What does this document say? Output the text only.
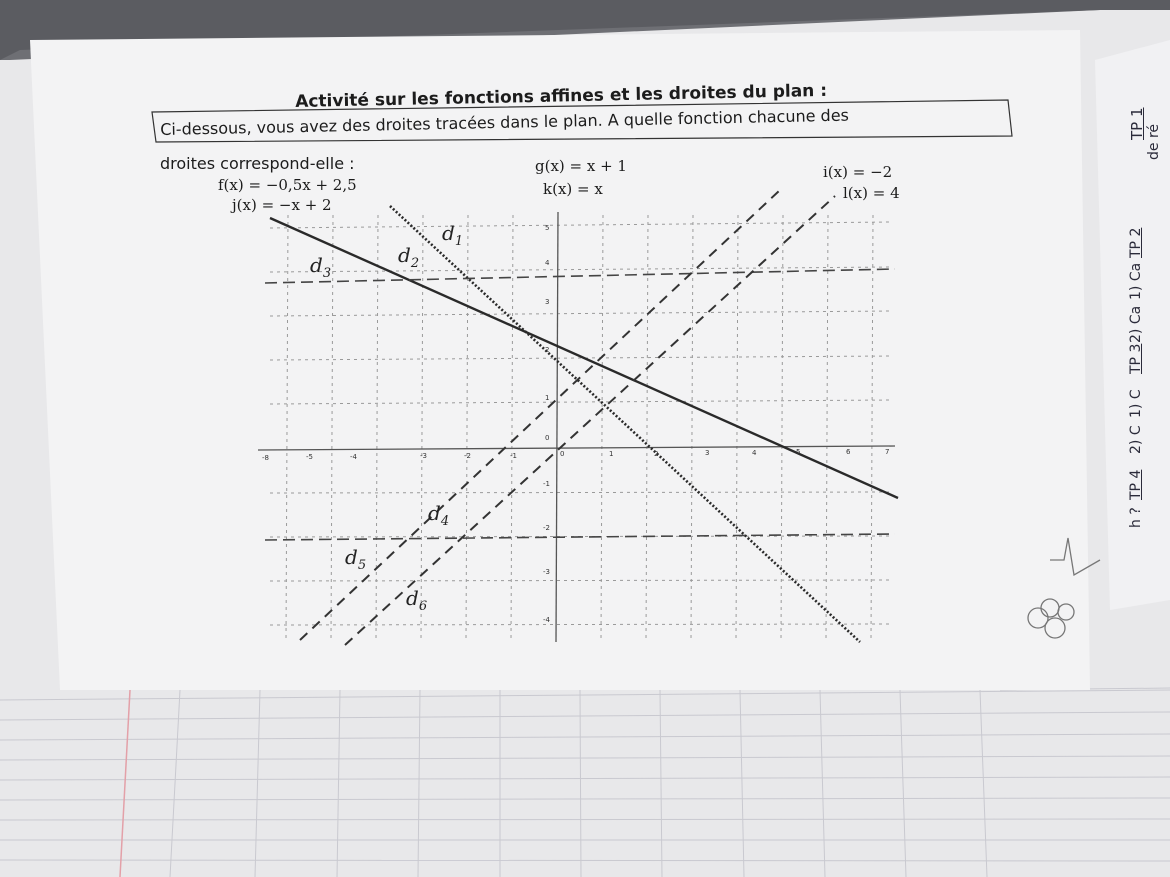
$d_1$
$d_2$
$d_3$
$d_4$
$d_5$
$d_6$
-8	-5	-4	-3	-2	-1	0	1	2	3	4	5	6	7
5
4
3
2
1
0
-1
-2
-3
-4
Activité sur les fonctions affines et les droites du plan :
Ci-dessous, vous avez des droites tracées dans le plan. A quelle fonction chacune des
droites correspond-elle :
f(x) = −0,5x + 2,5
j(x) = −x + 2
g(x) = x + 1
k(x) = x
i(x) = −2
l(x) = 4
TP 1
de ré
TP 2
1) Ca
2) Ca
TP 3
1) C
2) C
TP 4
h ?
